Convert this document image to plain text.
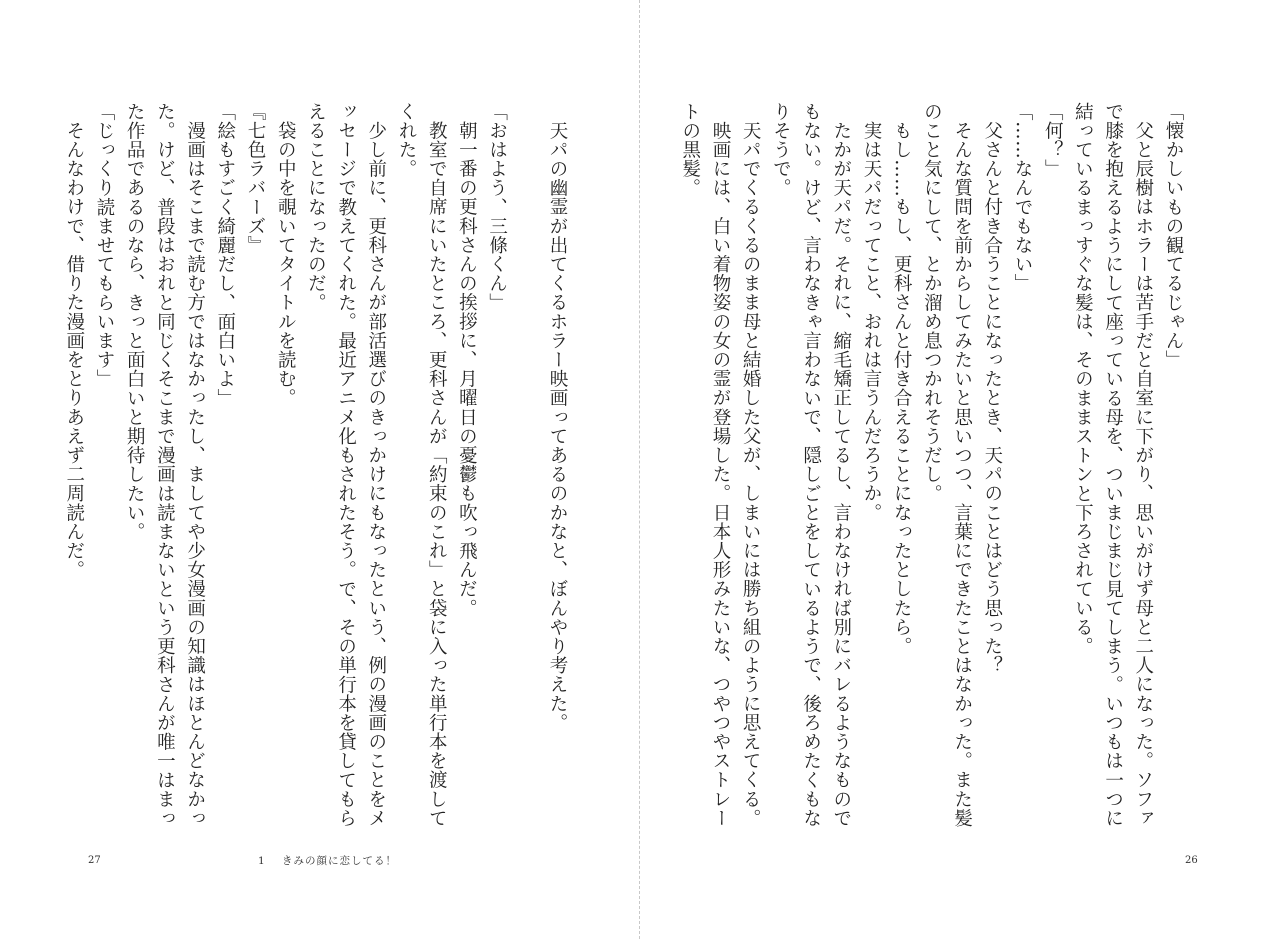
天パの幽霊が出てくるホラー映画ってあるのかなと、ぼんやり考えた。

「おはよう、三條くん」

朝一番の更科さんの挨拶に、月曜日の憂鬱も吹っ飛んだ。

教室で自席にいたところ、更科さんが「約束のこれ」と袋に入った単行本を渡してくれた。

少し前に、更科さんが部活選びのきっかけにもなったという、例の漫画のことをメッセージで教えてくれた。最近アニメ化もされたそう。で、その単行本を貸してもらえることになったのだ。

袋の中を覗いてタイトルを読む。

『七色ラバーズ』

「絵もすごく綺麗だし、面白いよ」

漫画はそこまで読む方ではなかったし、ましてや少女漫画の知識はほとんどなかった。けど、普段はおれと同じくそこまで漫画は読まないという更科さんが唯一はまった作品であるのなら、きっと面白いと期待したい。

「じっくり読ませてもらいます」

そんなわけで、借りた漫画をとりあえず二周読んだ。

27	1 きみの顔に恋してる！

「懐かしいもの観てるじゃん」

父と辰樹はホラーは苦手だと自室に下がり、思いがけず母と二人になった。ソファで膝を抱えるようにして座っている母を、ついまじまじ見てしまう。いつもは一つに結っているまっすぐな髪は、そのままストンと下ろされている。

「何？」

「……なんでもない」

父さんと付き合うことになったとき、天パのことはどう思った？

そんな質問を前からしてみたいと思いつつ、言葉にできたことはなかった。また髪のこと気にして、とか溜め息つかれそうだし。

もし……もし、更科さんと付き合えることになったとしたら。

実は天パだってこと、おれは言うんだろうか。

たかが天パだ。それに、縮毛矯正してるし、言わなければ別にバレるようなものでもない。けど、言わなきゃ言わないで、隠しごとをしているようで、後ろめたくもなりそうで。

天パでくるくるのまま母と結婚した父が、しまいには勝ち組のように思えてくる。

映画には、白い着物姿の女の霊が登場した。日本人形みたいな、つやつやストレートの黒髪。

26
